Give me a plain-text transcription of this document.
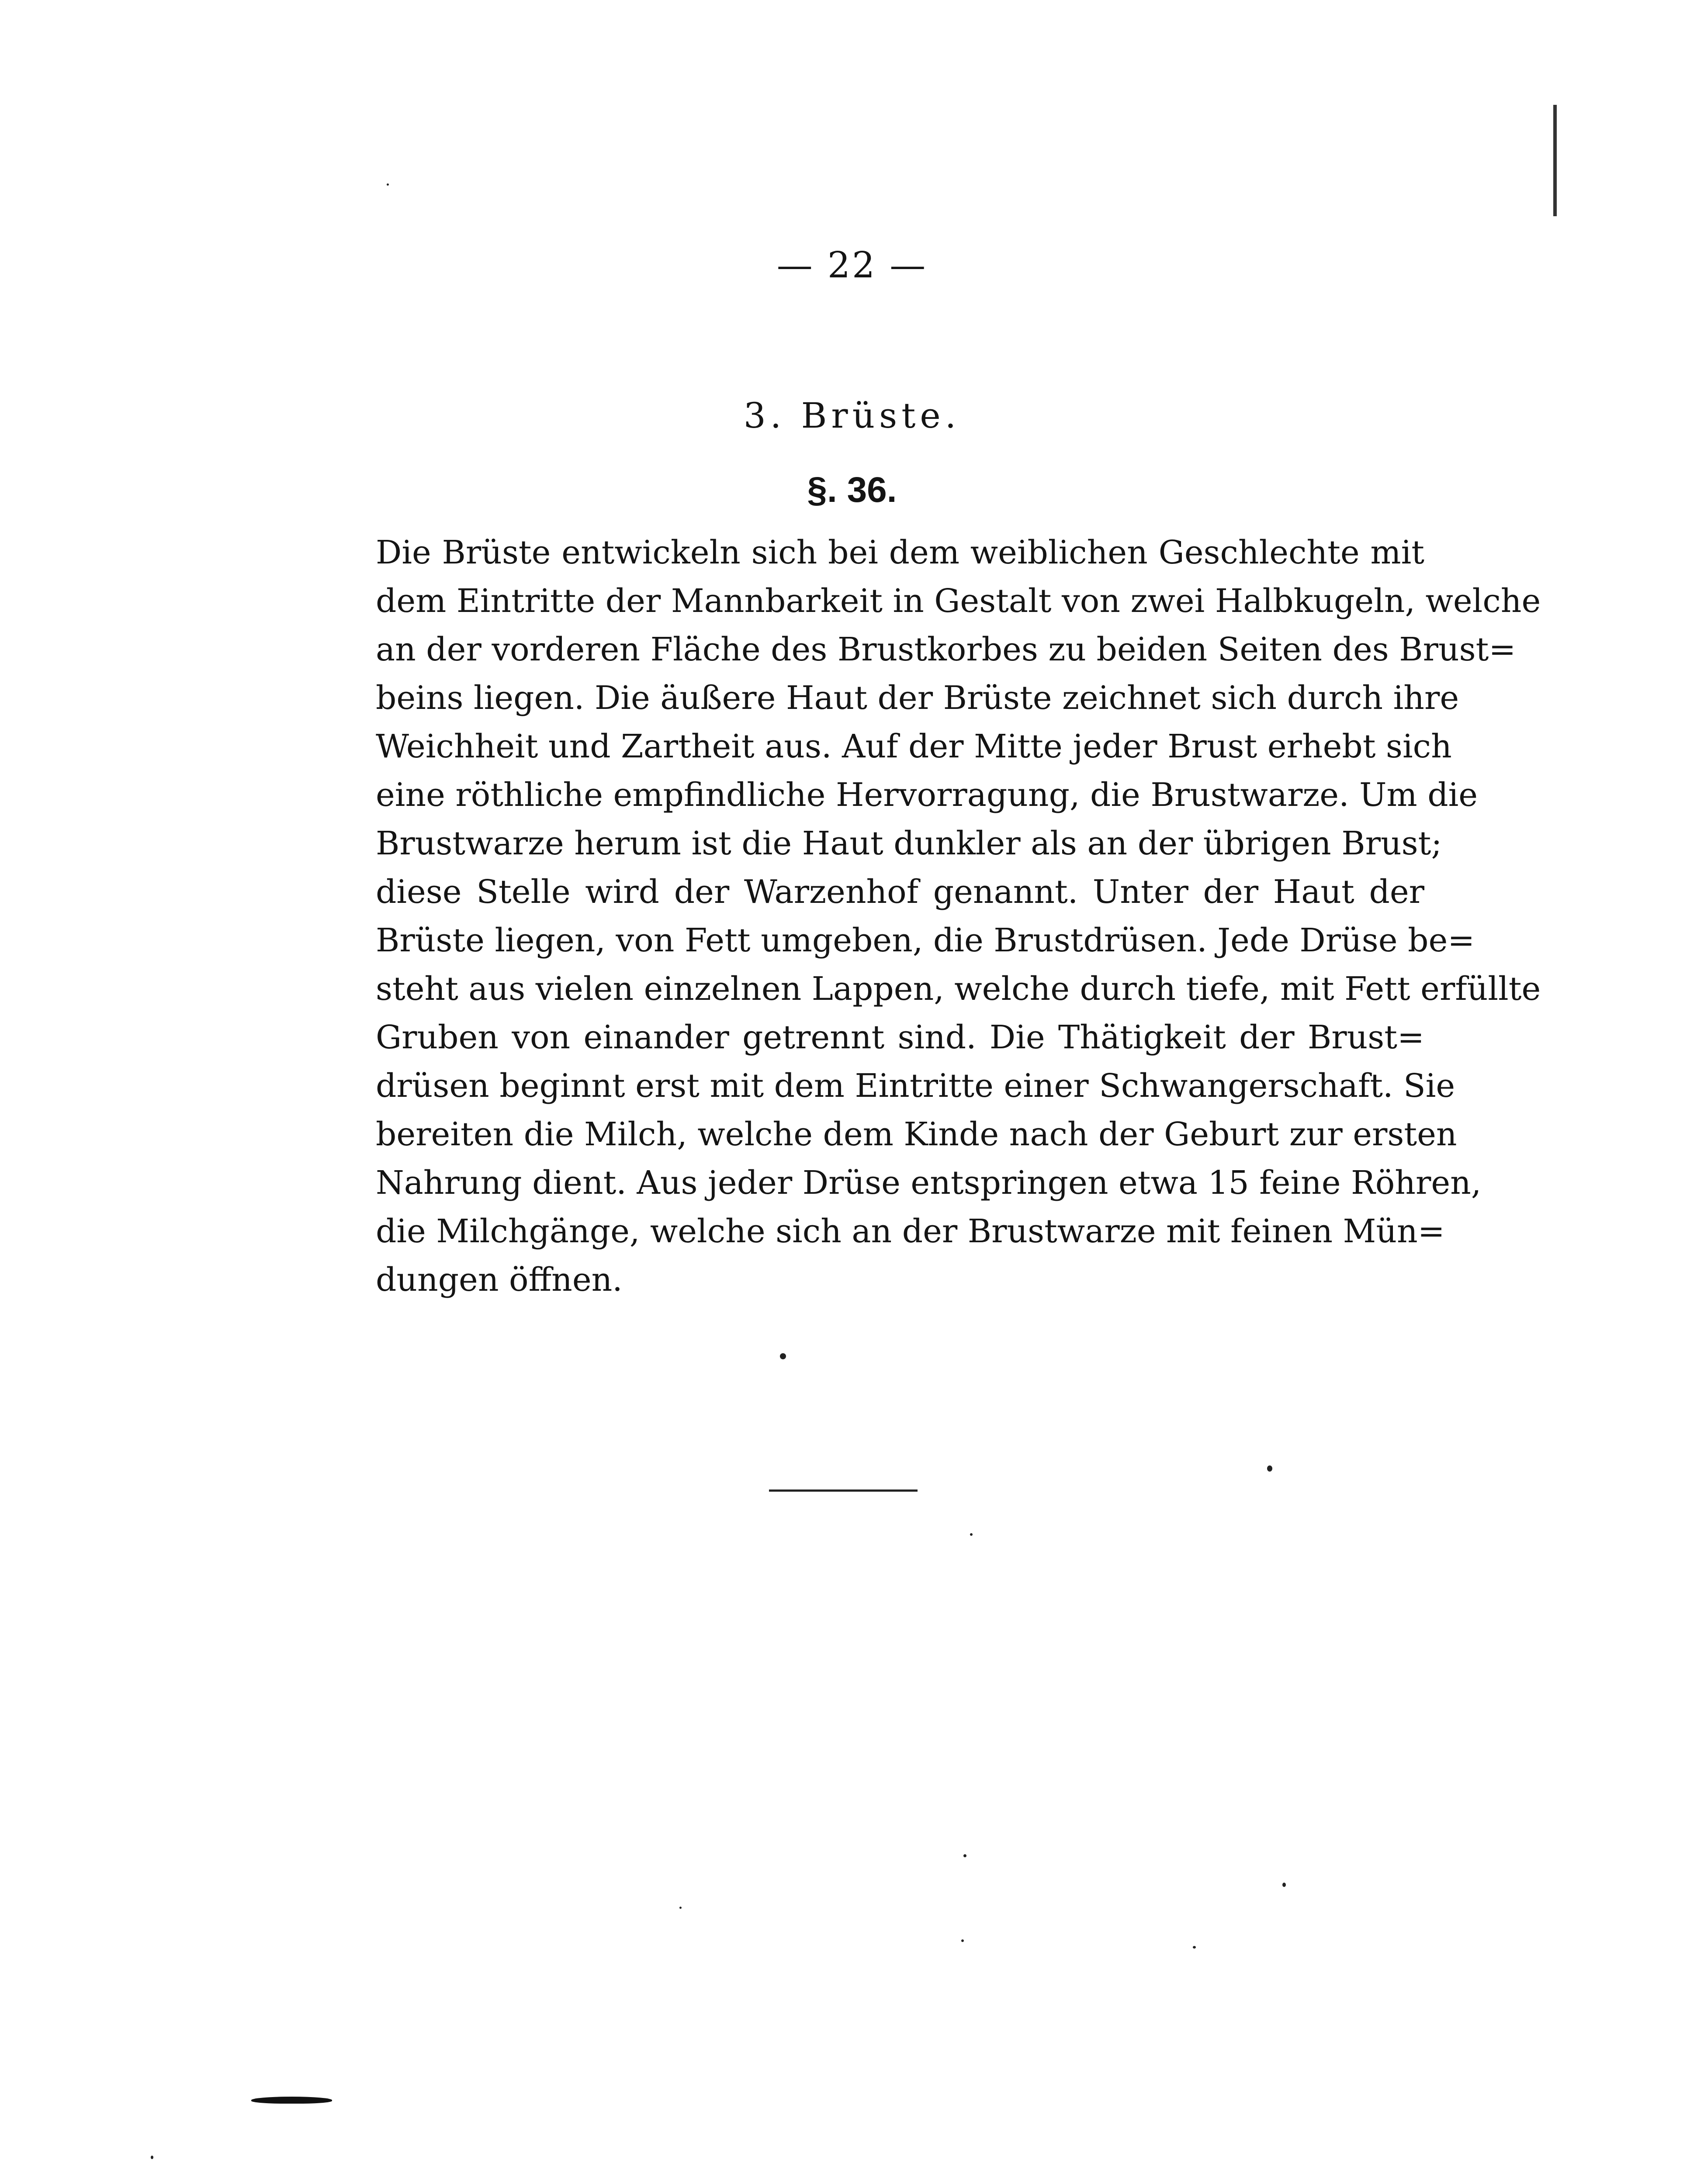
— 22 —
3. Brüste.
§. 36.
Die Brüste entwickeln sich bei dem weiblichen Geschlechte mit
dem Eintritte der Mannbarkeit in Gestalt von zwei Halbkugeln, welche
an der vorderen Fläche des Brustkorbes zu beiden Seiten des Brust=
beins liegen. Die äußere Haut der Brüste zeichnet sich durch ihre
Weichheit und Zartheit aus. Auf der Mitte jeder Brust erhebt sich
eine röthliche empfindliche Hervorragung, die Brustwarze. Um die
Brustwarze herum ist die Haut dunkler als an der übrigen Brust;
diese Stelle wird der Warzenhof genannt. Unter der Haut der
Brüste liegen, von Fett umgeben, die Brustdrüsen. Jede Drüse be=
steht aus vielen einzelnen Lappen, welche durch tiefe, mit Fett erfüllte
Gruben von einander getrennt sind. Die Thätigkeit der Brust=
drüsen beginnt erst mit dem Eintritte einer Schwangerschaft. Sie
bereiten die Milch, welche dem Kinde nach der Geburt zur ersten
Nahrung dient. Aus jeder Drüse entspringen etwa 15 feine Röhren,
die Milchgänge, welche sich an der Brustwarze mit feinen Mün=
dungen öffnen.
